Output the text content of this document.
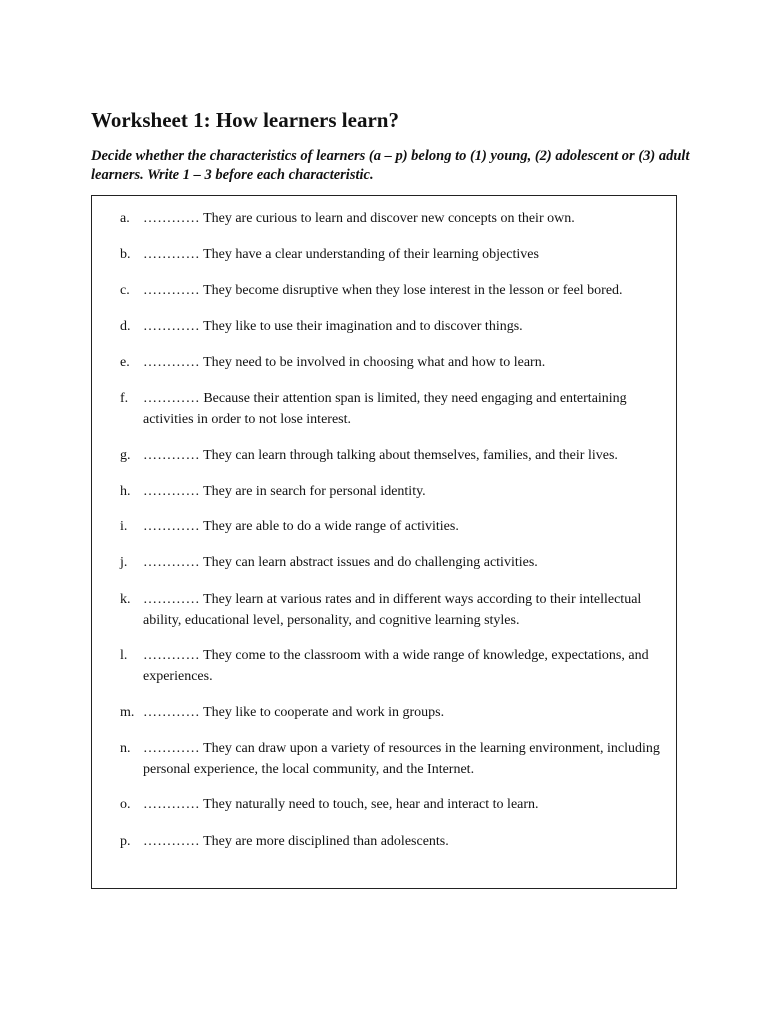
Worksheet 1: How learners learn?

Decide whether the characteristics of learners (a – p) belong to (1) young, (2) adolescent or (3) adult learners. Write 1 – 3 before each characteristic.

a. ………… They are curious to learn and discover new concepts on their own.
b. ………… They have a clear understanding of their learning objectives
c. ………… They become disruptive when they lose interest in the lesson or feel bored.
d. ………… They like to use their imagination and to discover things.
e. ………… They need to be involved in choosing what and how to learn.
f.	………… Because their attention span is limited, they need engaging and entertaining activities in order to not lose interest.
g. ………… They can learn through talking about themselves, families, and their lives.
h. ………… They are in search for personal identity.
i.	………… They are able to do a wide range of activities.
j.	………… They can learn abstract issues and do challenging activities.
k. ………… They learn at various rates and in different ways according to their intellectual ability, educational level, personality, and cognitive learning styles.
l.	………… They come to the classroom with a wide range of knowledge, expectations, and experiences.
m. ………… They like to cooperate and work in groups.
n. ………… They can draw upon a variety of resources in the learning environment, including personal experience, the local community, and the Internet.
o. ………… They naturally need to touch, see, hear and interact to learn.
p. ………… They are more disciplined than adolescents.
